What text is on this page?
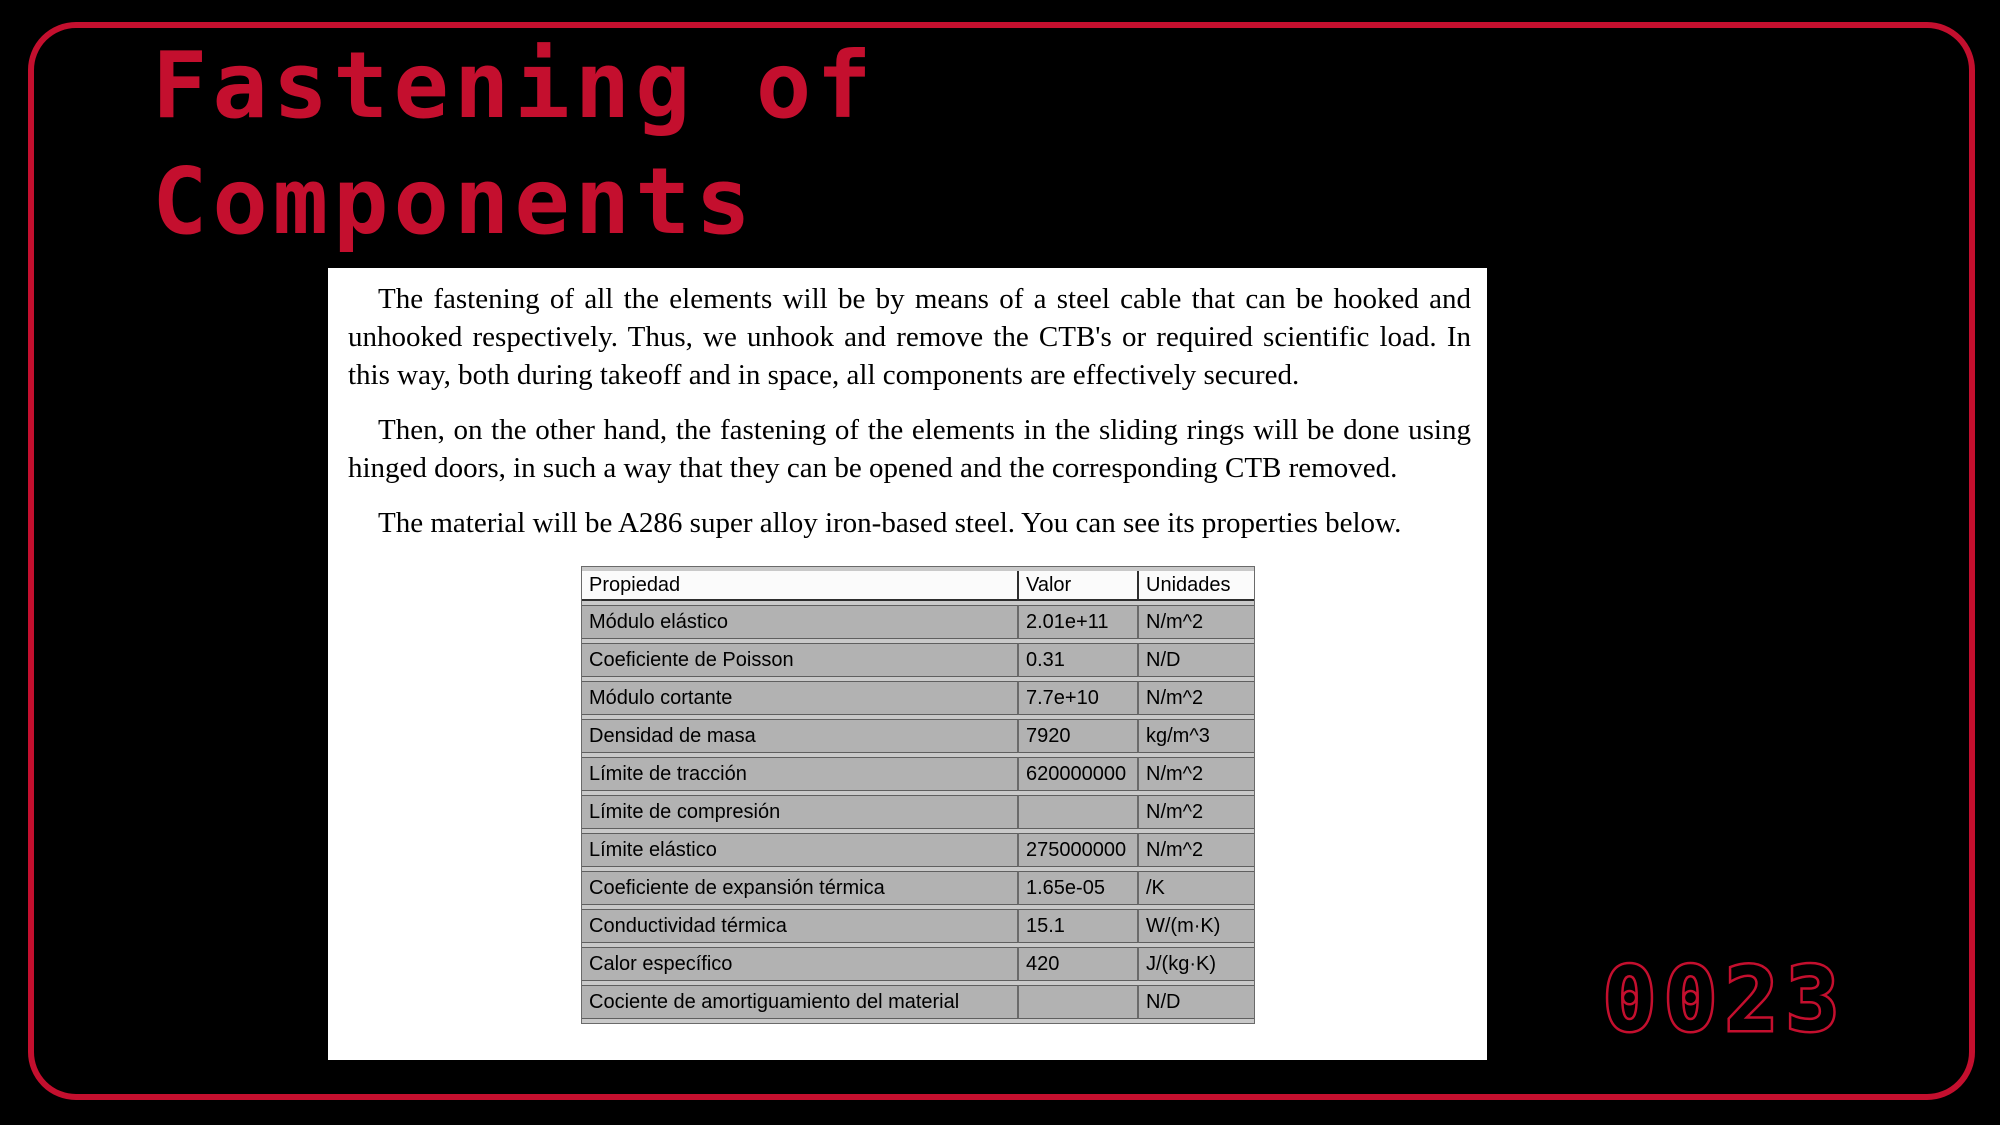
Fastening of
Components

The fastening of all the elements will be by means of a steel cable that can be hooked and unhooked respectively. Thus, we unhook and remove the CTB's or required scientific load. In this way, both during takeoff and in space, all components are effectively secured.

Then, on the other hand, the fastening of the elements in the sliding rings will be done using hinged doors, in such a way that they can be opened and the corresponding CTB removed.

The material will be A286 super alloy iron-based steel. You can see its properties below.

Propiedad	Valor	Unidades
Módulo elástico	2.01e+11	N/m^2
Coeficiente de Poisson	0.31	N/D
Módulo cortante	7.7e+10	N/m^2
Densidad de masa	7920	kg/m^3
Límite de tracción	620000000	N/m^2
Límite de compresión		N/m^2
Límite elástico	275000000	N/m^2
Coeficiente de expansión térmica	1.65e-05	/K
Conductividad térmica	15.1	W/(m·K)
Calor específico	420	J/(kg·K)
Cociente de amortiguamiento del material		N/D	0023
